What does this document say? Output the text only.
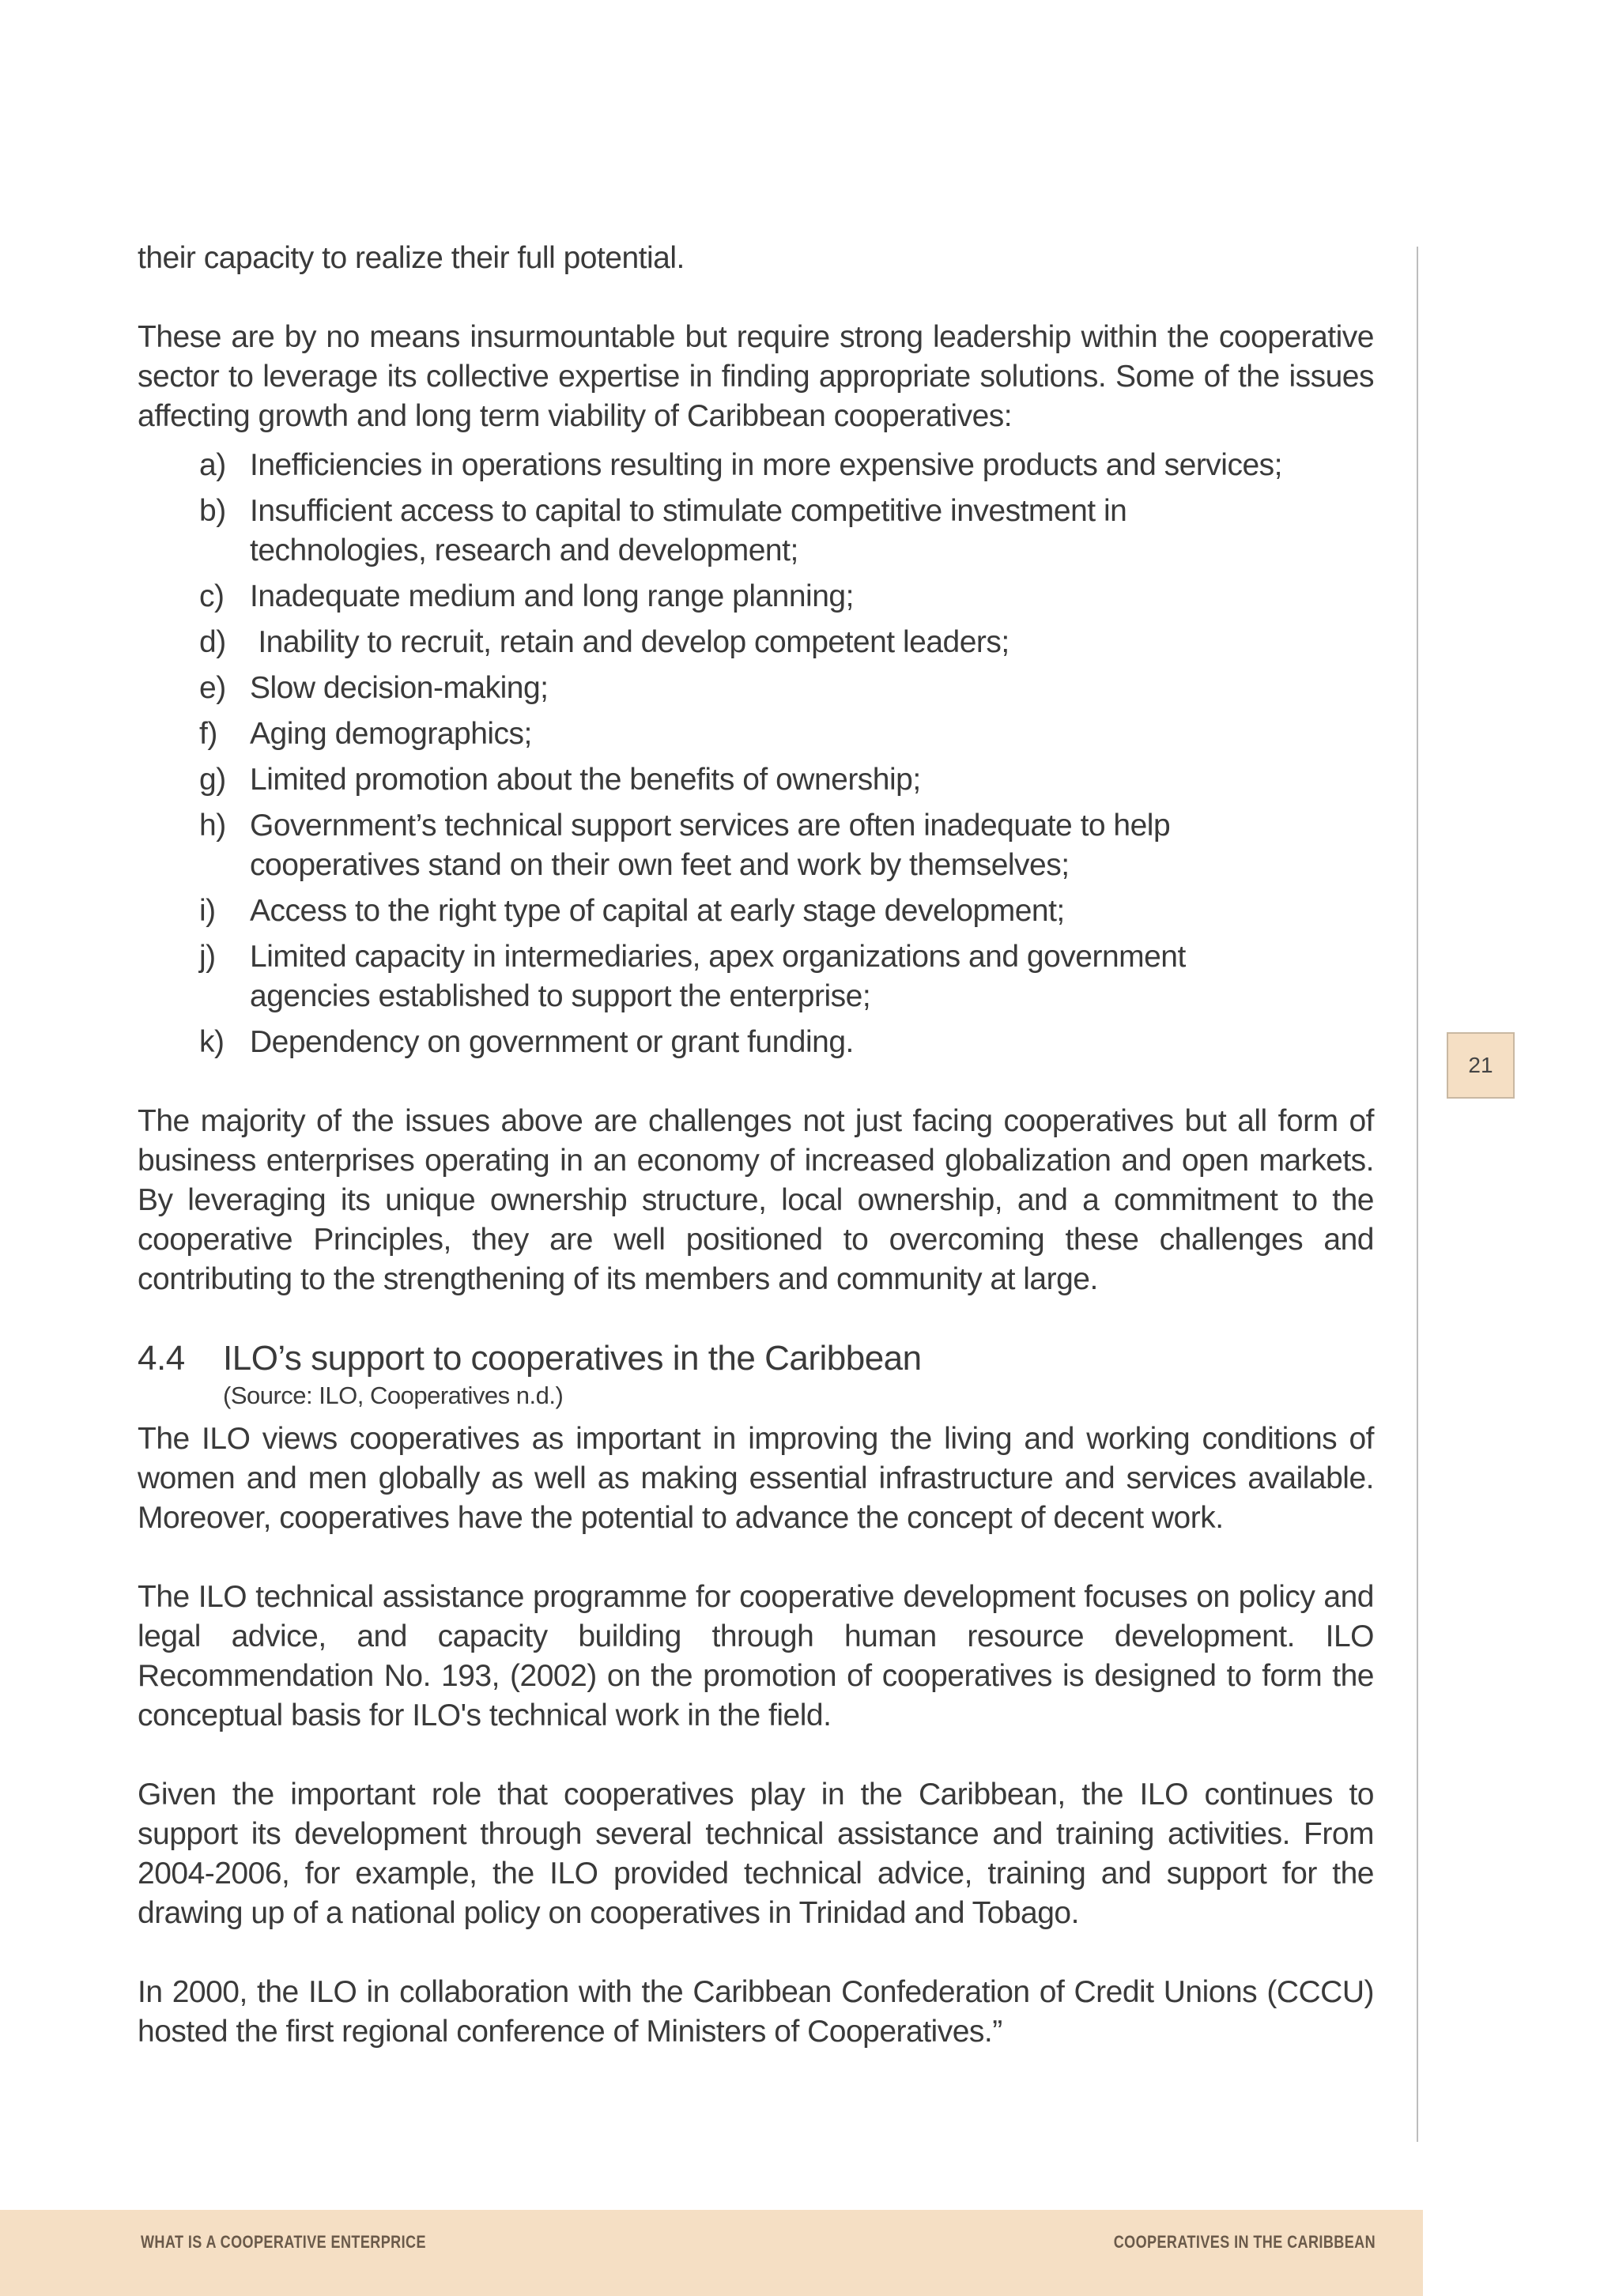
their capacity to realize their full potential.

These are by no means insurmountable but require strong leadership within the cooperative sector to leverage its collective expertise in finding appropriate solutions. Some of the issues affecting growth and long term viability of Caribbean cooperatives:

a) Inefficiencies in operations resulting in more expensive products and services;
b) Insufficient access to capital to stimulate competitive investment in technologies, research and development;
c) Inadequate medium and long range planning;
d) Inability to recruit, retain and develop competent leaders;
e) Slow decision-making;
f) Aging demographics;
g) Limited promotion about the benefits of ownership;
h) Government’s technical support services are often inadequate to help cooperatives stand on their own feet and work by themselves;
i) Access to the right type of capital at early stage development;
j) Limited capacity in intermediaries, apex organizations and government agencies established to support the enterprise;
k) Dependency on government or grant funding.

The majority of the issues above are challenges not just facing cooperatives but all form of business enterprises operating in an economy of increased globalization and open markets. By leveraging its unique ownership structure, local ownership, and a commitment to the cooperative Principles, they are well positioned to overcoming these challenges and contributing to the strengthening of its members and community at large.

4.4	ILO’s support to cooperatives in the Caribbean
(Source: ILO, Cooperatives n.d.)

The ILO views cooperatives as important in improving the living and working conditions of women and men globally as well as making essential infrastructure and services available. Moreover, cooperatives have the potential to advance the concept of decent work.

The ILO technical assistance programme for cooperative development focuses on policy and legal advice, and capacity building through human resource development. ILO Recommendation No. 193, (2002) on the promotion of cooperatives is designed to form the conceptual basis for ILO's technical work in the field.

Given the important role that cooperatives play in the Caribbean, the ILO continues to support its development through several technical assistance and training activities. From 2004-2006, for example, the ILO provided technical advice, training and support for the drawing up of a national policy on cooperatives in Trinidad and Tobago.

In 2000, the ILO in collaboration with the Caribbean Confederation of Credit Unions (CCCU) hosted the first regional conference of Ministers of Cooperatives.”

21
WHAT IS A COOPERATIVE ENTERPRICE	COOPERATIVES IN THE CARIBBEAN
